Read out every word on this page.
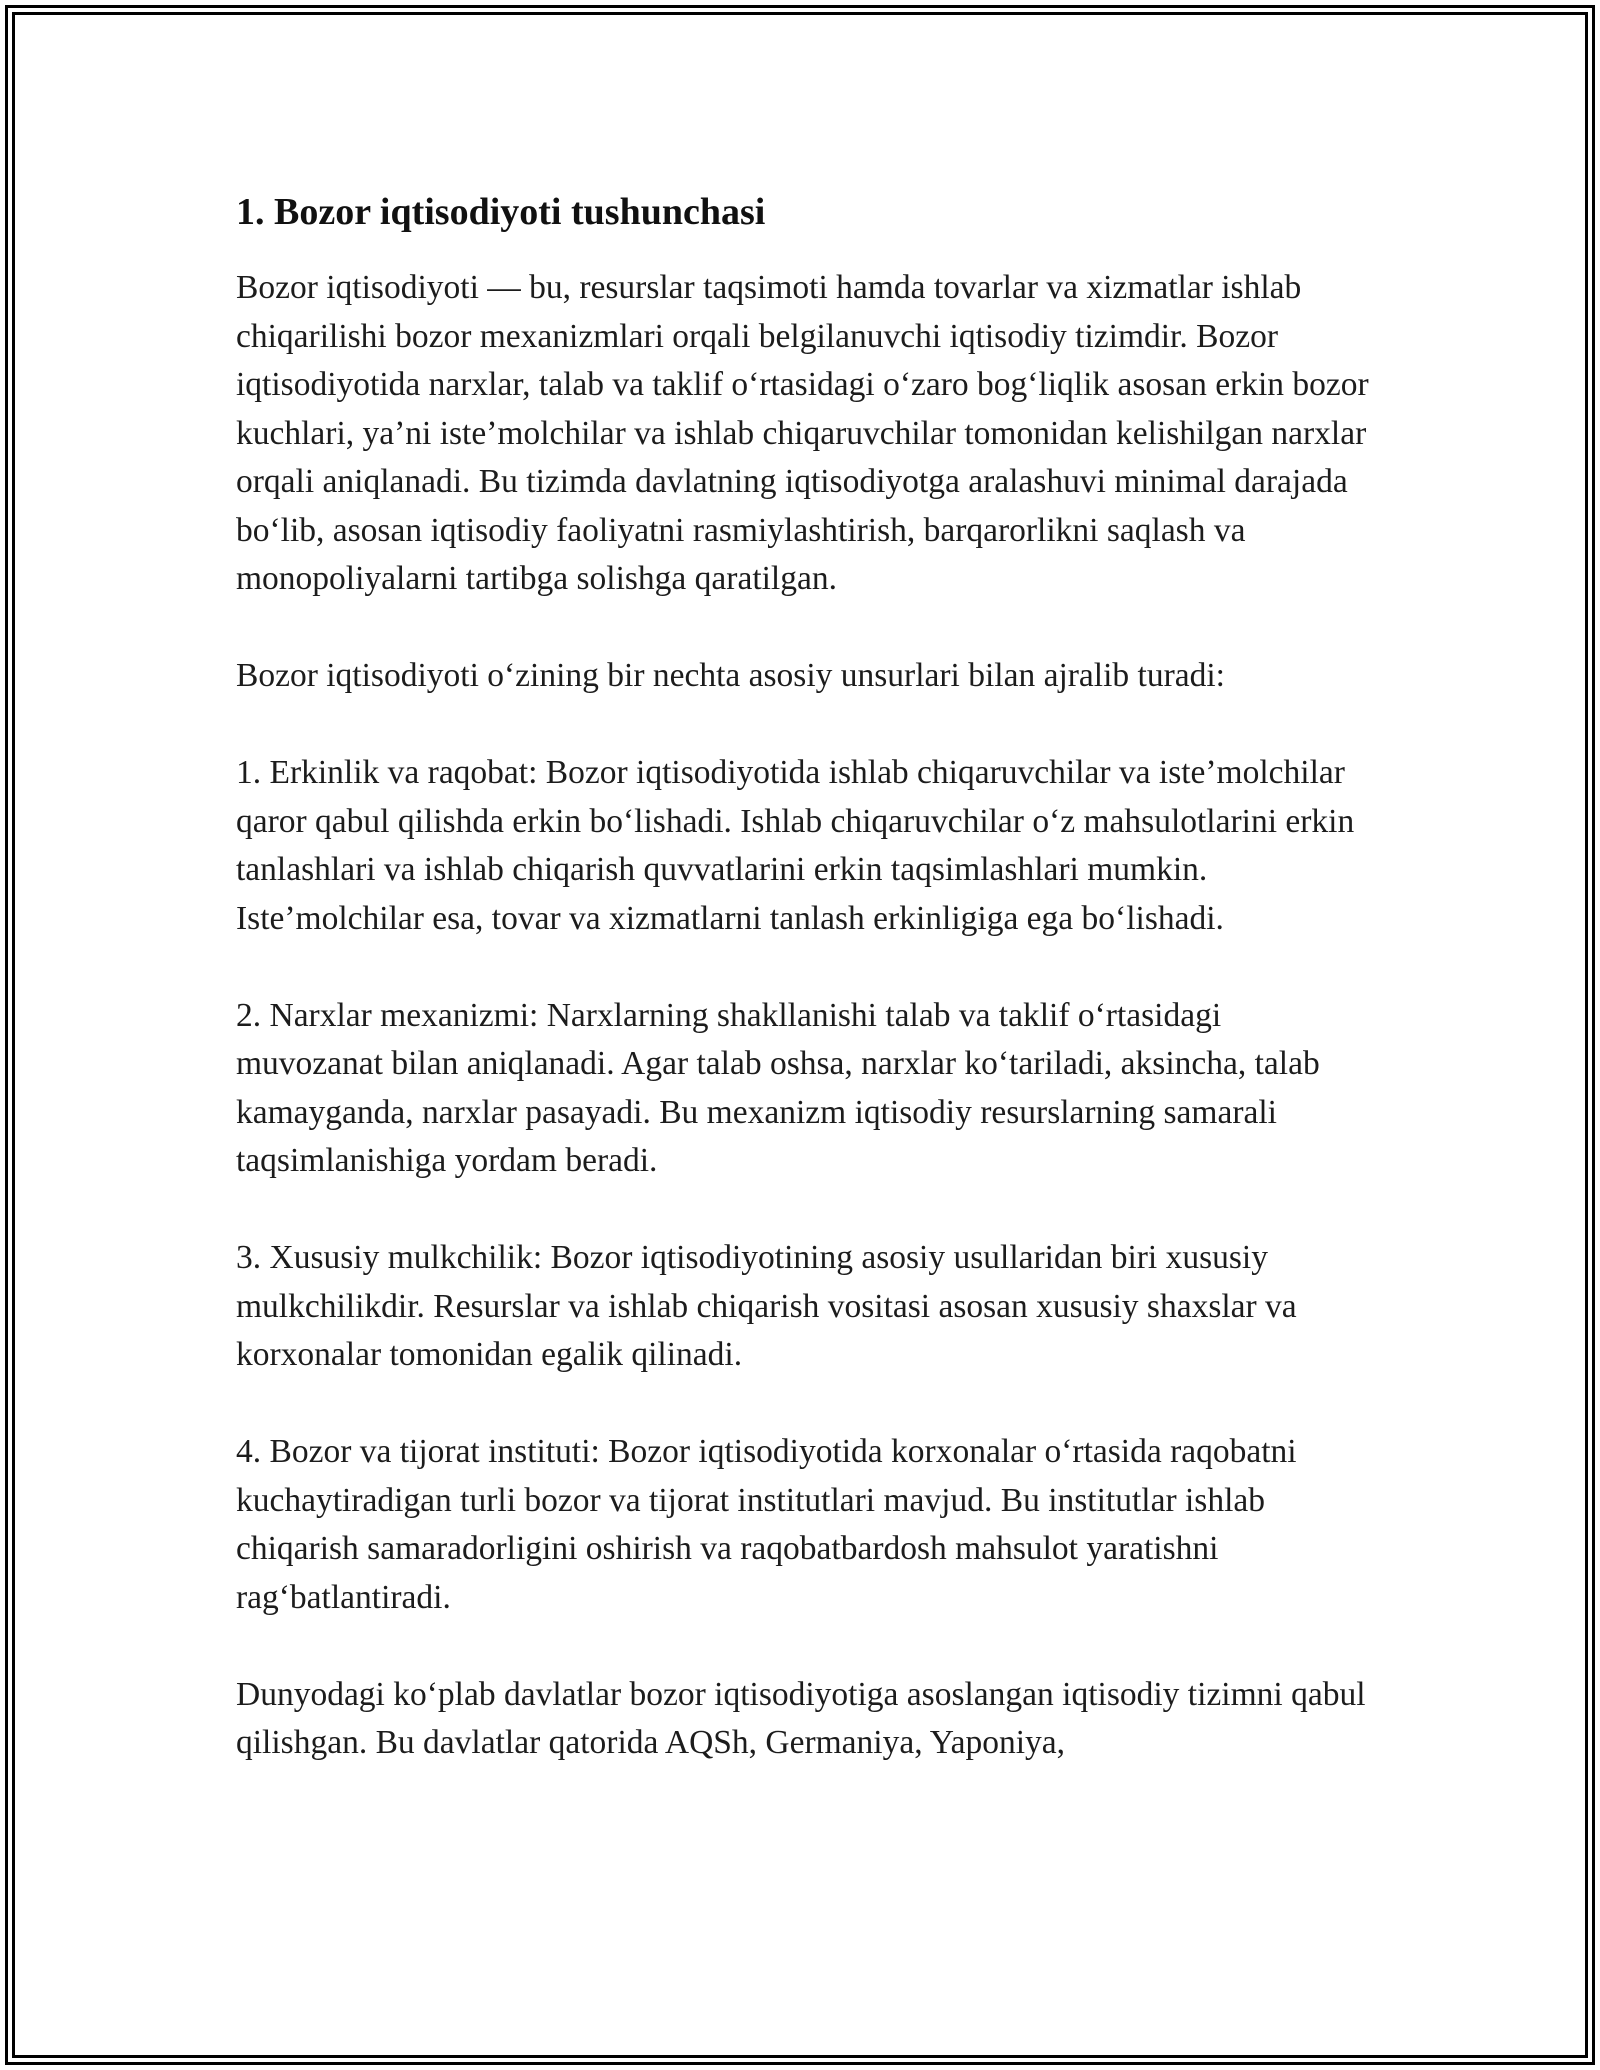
1. Bozor iqtisodiyoti tushunchasi

Bozor iqtisodiyoti — bu, resurslar taqsimoti hamda tovarlar va xizmatlar ishlab chiqarilishi bozor mexanizmlari orqali belgilanuvchi iqtisodiy tizimdir. Bozor iqtisodiyotida narxlar, talab va taklif oʻrtasidagi oʻzaro bogʻliqlik asosan erkin bozor kuchlari, yaʼni isteʼmolchilar va ishlab chiqaruvchilar tomonidan kelishilgan narxlar orqali aniqlanadi. Bu tizimda davlatning iqtisodiyotga aralashuvi minimal darajada boʻlib, asosan iqtisodiy faoliyatni rasmiylashtirish, barqarorlikni saqlash va monopoliyalarni tartibga solishga qaratilgan.

Bozor iqtisodiyoti oʻzining bir nechta asosiy unsurlari bilan ajralib turadi:

1. Erkinlik va raqobat: Bozor iqtisodiyotida ishlab chiqaruvchilar va isteʼmolchilar qaror qabul qilishda erkin boʻlishadi. Ishlab chiqaruvchilar oʻz mahsulotlarini erkin tanlashlari va ishlab chiqarish quvvatlarini erkin taqsimlashlari mumkin. Isteʼmolchilar esa, tovar va xizmatlarni tanlash erkinligiga ega boʻlishadi.

2. Narxlar mexanizmi: Narxlarning shakllanishi talab va taklif oʻrtasidagi muvozanat bilan aniqlanadi. Agar talab oshsa, narxlar koʻtariladi, aksincha, talab kamayganda, narxlar pasayadi. Bu mexanizm iqtisodiy resurslarning samarali taqsimlanishiga yordam beradi.

3. Xususiy mulkchilik: Bozor iqtisodiyotining asosiy usullaridan biri xususiy mulkchilikdir. Resurslar va ishlab chiqarish vositasi asosan xususiy shaxslar va korxonalar tomonidan egalik qilinadi.

4. Bozor va tijorat instituti: Bozor iqtisodiyotida korxonalar oʻrtasida raqobatni kuchaytiradigan turli bozor va tijorat institutlari mavjud. Bu institutlar ishlab chiqarish samaradorligini oshirish va raqobatbardosh mahsulot yaratishni ragʻbatlantiradi.

Dunyodagi koʻplab davlatlar bozor iqtisodiyotiga asoslangan iqtisodiy tizimni qabul qilishgan. Bu davlatlar qatorida AQSh, Germaniya, Yaponiya,
